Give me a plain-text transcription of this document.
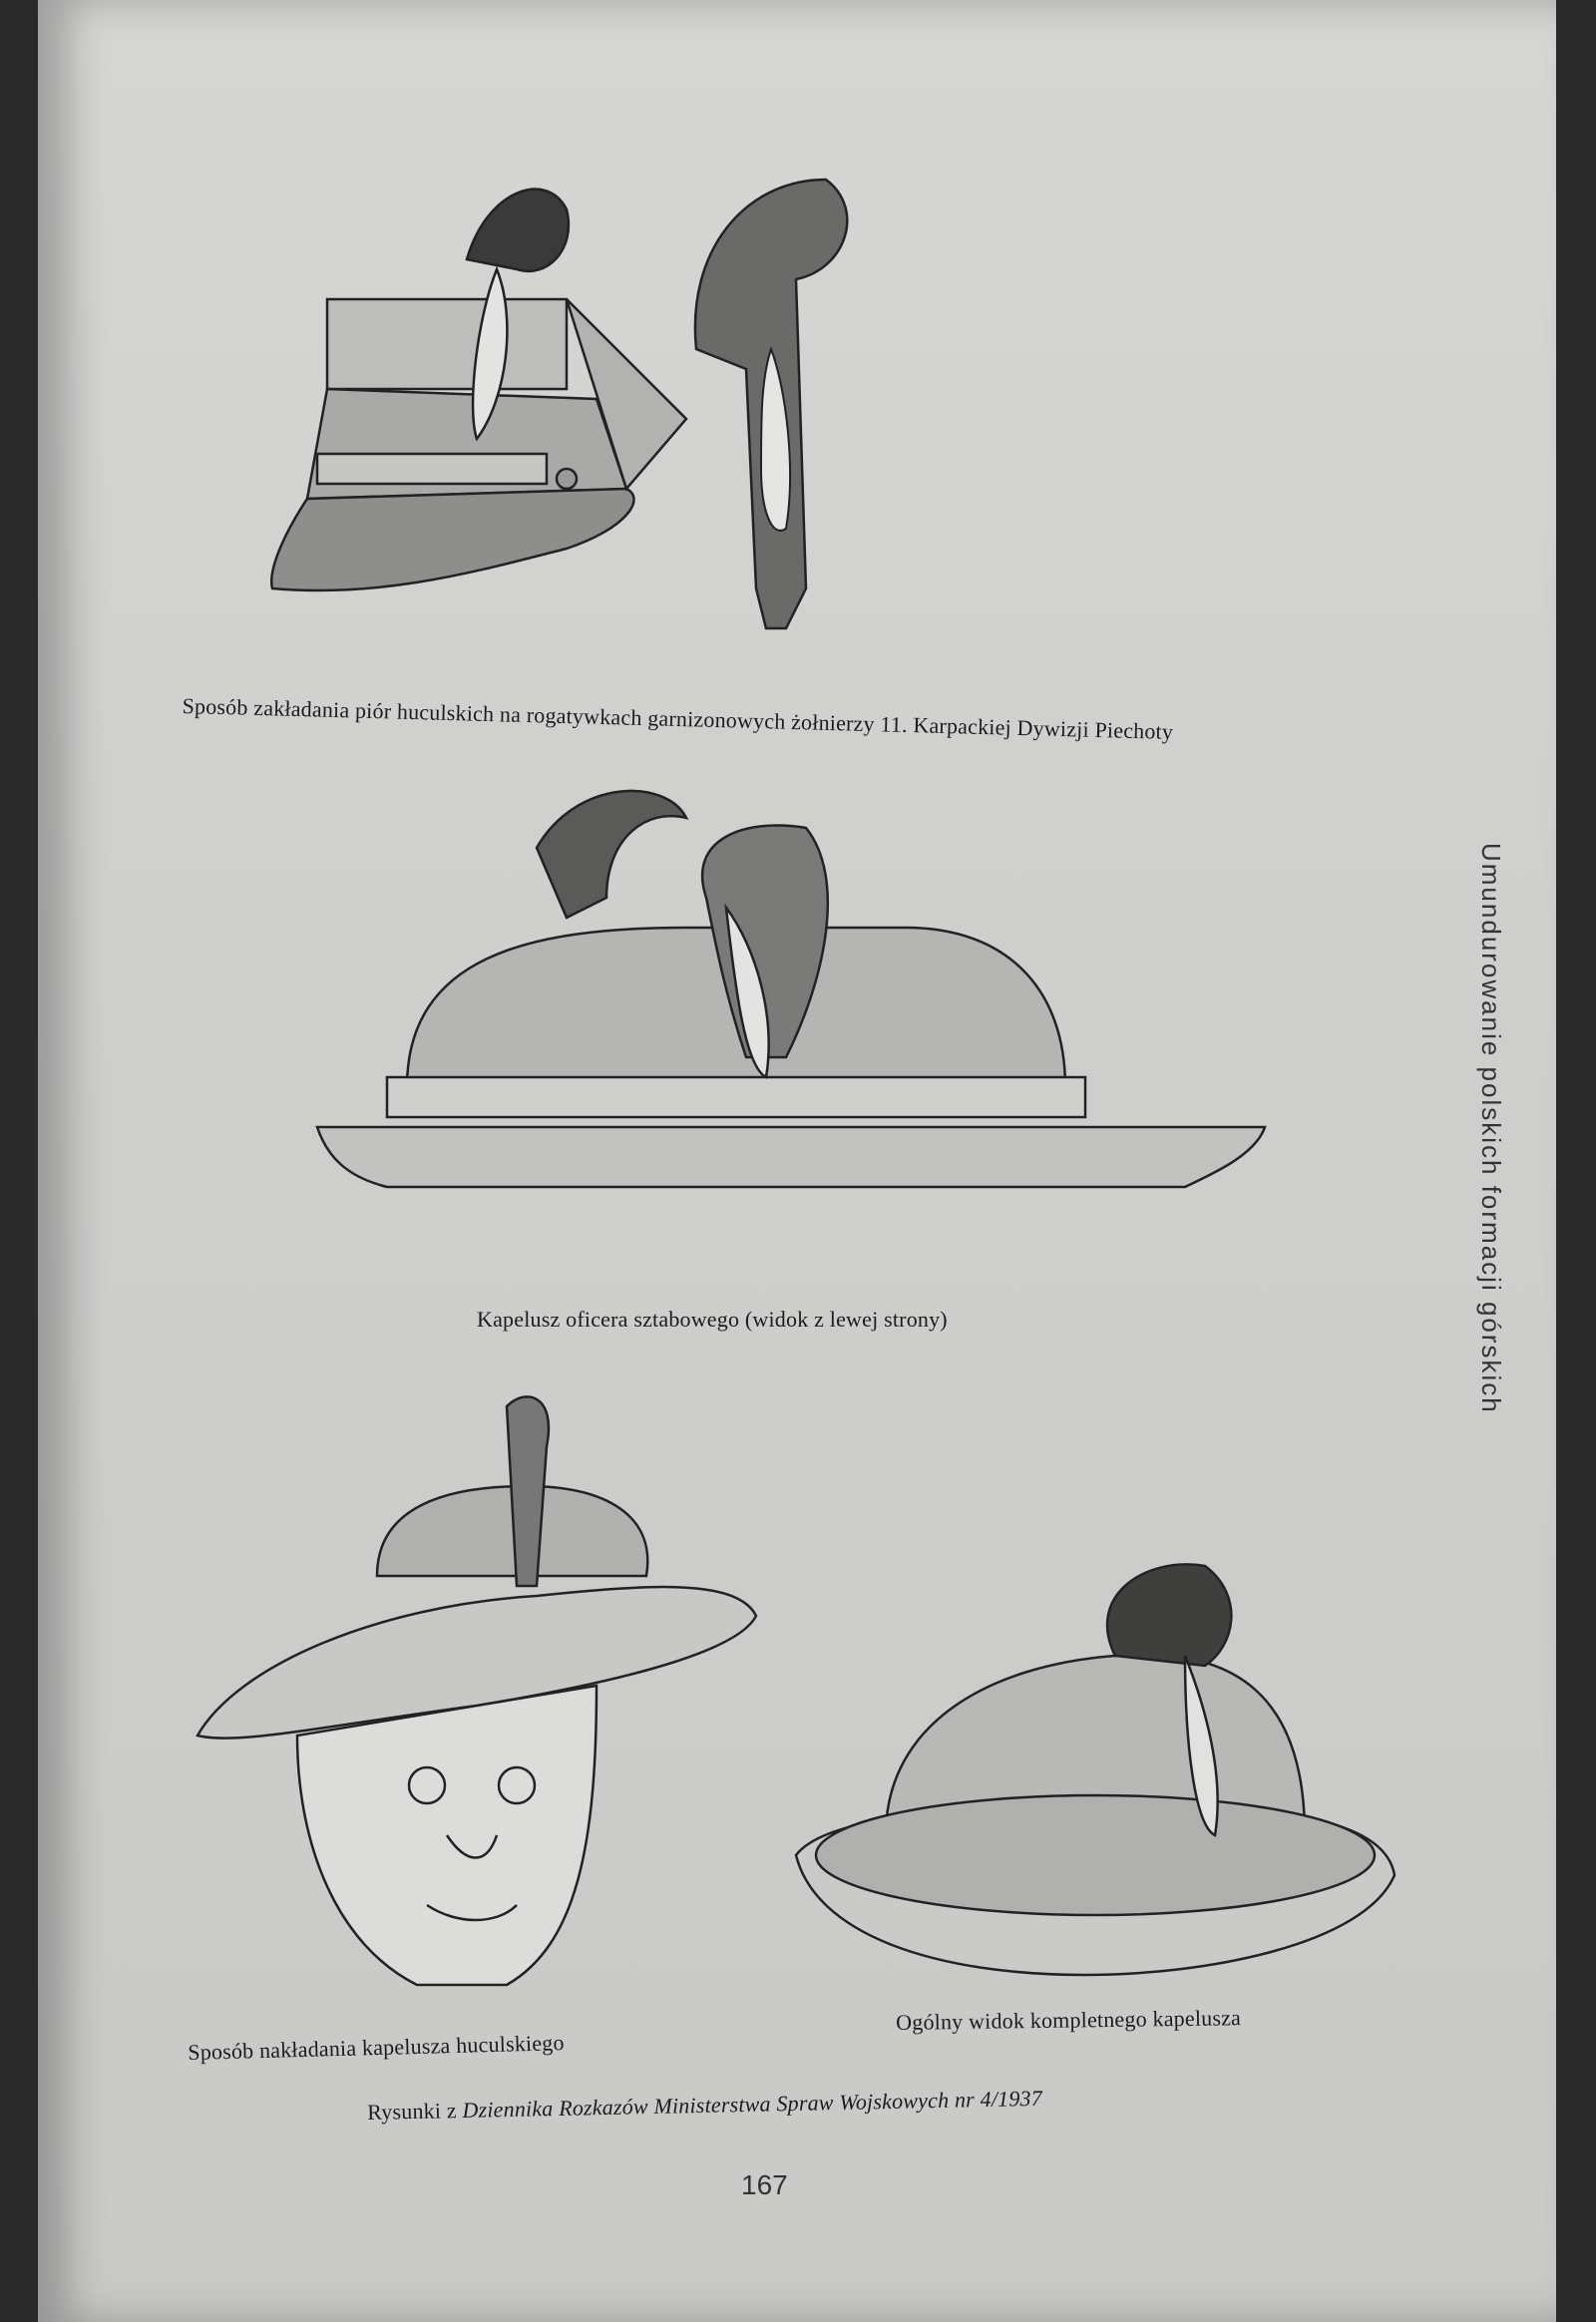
Sposób zakładania piór huculskich na rogatywkach garnizonowych żołnierzy 11. Karpackiej Dywizji Piechoty
Kapelusz oficera sztabowego (widok z lewej strony)
Sposób nakładania kapelusza huculskiego
Ogólny widok kompletnego kapelusza
Rysunki z Dziennika Rozkazów Ministerstwa Spraw Wojskowych nr 4/1937
167
Umundurowanie polskich formacji górskich
